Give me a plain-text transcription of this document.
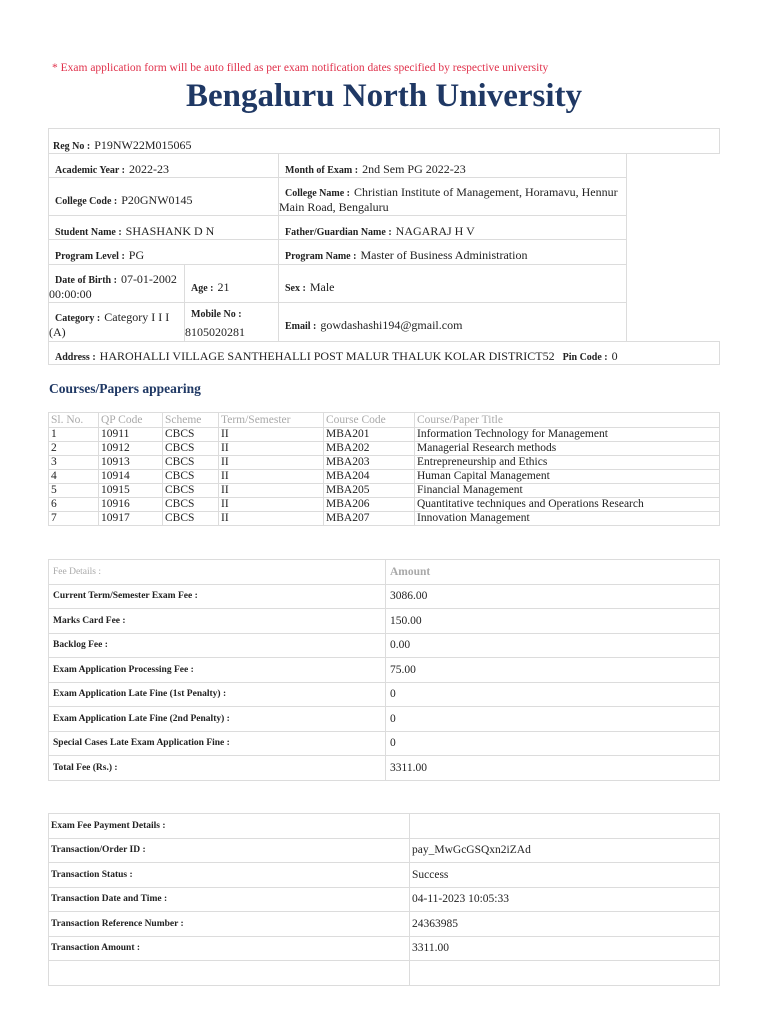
* Exam application form will be auto filled as per exam notification dates specified by respective university
Bengaluru North University
Reg No : P19NW22M015065
Academic Year : 2022-23	Month of Exam : 2nd Sem PG 2022-23
College Code : P20GNW0145	College Name : Christian Institute of Management, Horamavu, Hennur
Main Road, Bengaluru
Student Name : SHASHANK D N	Father/Guardian Name : NAGARAJ H V
Program Level : PG	Program Name : Master of Business Administration
Date of Birth : 07-01-2002
00:00:00	Age : 21	Sex : Male
Category : Category I I I
(A)
Mobile No :
8105020281	Email : gowdashashi194@gmail.com
Address : HAROHALLI VILLAGE SANTHEHALLI POST MALUR THALUK KOLAR DISTRICT52 Pin Code : 0
Courses/Papers appearing
Sl. No.	QP Code	Scheme	Term/Semester	Course Code	Course/Paper Title
1	10911	CBCS	II	MBA201	Information Technology for Management
2	10912	CBCS	II	MBA202	Managerial Research methods
3	10913	CBCS	II	MBA203	Entrepreneurship and Ethics
4	10914	CBCS	II	MBA204	Human Capital Management
5	10915	CBCS	II	MBA205	Financial Management
6	10916	CBCS	II	MBA206	Quantitative techniques and Operations Research
7	10917	CBCS	II	MBA207	Innovation Management
Fee Details :	Amount
Current Term/Semester Exam Fee :	3086.00
Marks Card Fee :	150.00
Backlog Fee :	0.00
Exam Application Processing Fee :	75.00
Exam Application Late Fine (1st Penalty) :	0
Exam Application Late Fine (2nd Penalty) :	0
Special Cases Late Exam Application Fine :	0
Total Fee (Rs.) :	3311.00
Exam Fee Payment Details :	
Transaction/Order ID :	pay_MwGcGSQxn2iZAd
Transaction Status :	Success
Transaction Date and Time :	04-11-2023 10:05:33
Transaction Reference Number :	24363985
Transaction Amount :	3311.00
